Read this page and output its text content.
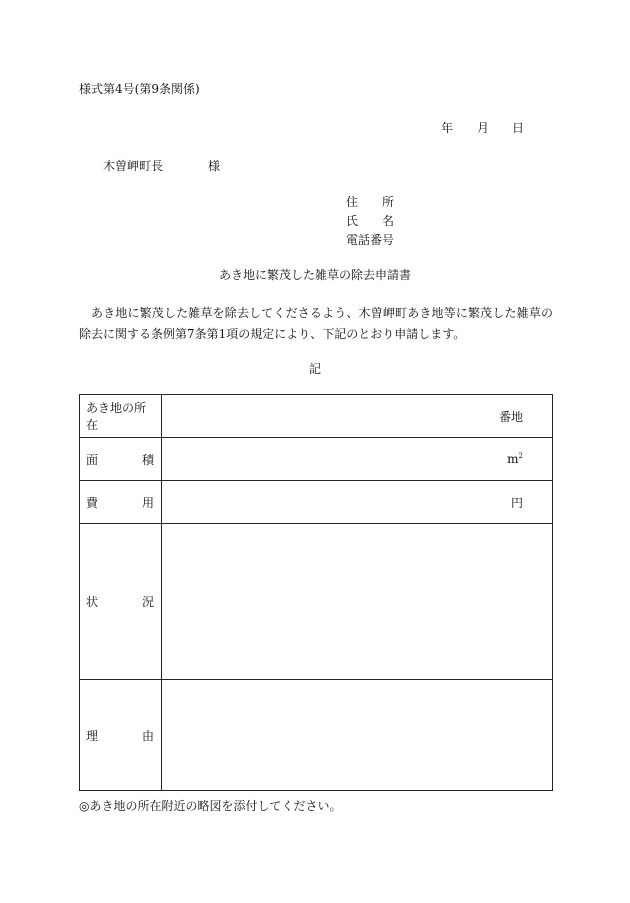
様式第4号(第9条関係)
年 月 日
木曽岬町長	様
住 所
氏 名
電話番号
あき地に繁茂した雑草の除去申請書
あき地に繁茂した雑草を除去してくださるよう、木曽岬町あき地等に繁茂した雑草の除去に関する条例第7条第1項の規定により、下記のとおり申請します。
記
あき地の所在	番地

面 積	$m^2$

費 用	円

状 況	

理 由	

◎あき地の所在附近の略図を添付してください。
